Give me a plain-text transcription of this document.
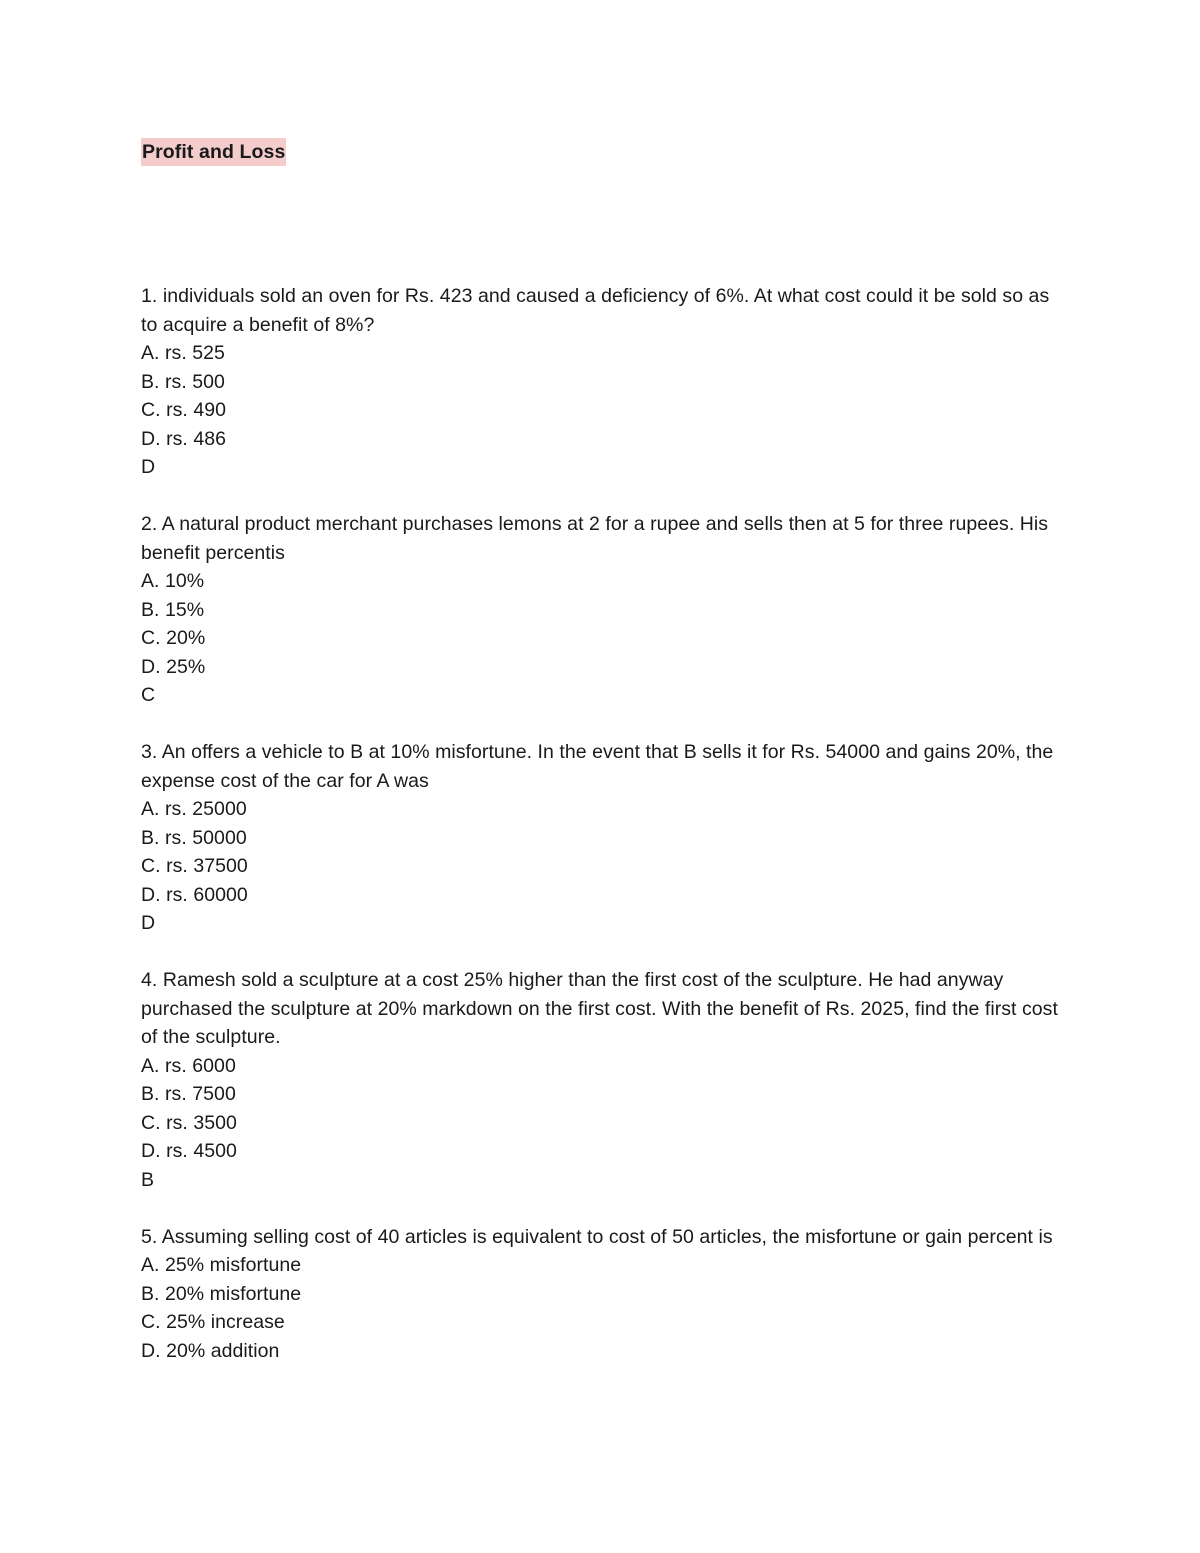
Profit and Loss
1. individuals sold an oven for Rs. 423 and caused a deficiency of 6%. At what cost could it be sold so as to acquire a benefit of 8%?
A. rs. 525
B. rs. 500
C. rs. 490
D. rs. 486
D
2. A natural product merchant purchases lemons at 2 for a rupee and sells then at 5 for three rupees. His benefit percentis
A. 10%
B. 15%
C. 20%
D. 25%
C
3. An offers a vehicle to B at 10% misfortune. In the event that B sells it for Rs. 54000 and gains 20%, the expense cost of the car for A was
A. rs. 25000
B. rs. 50000
C. rs. 37500
D. rs. 60000
D
4. Ramesh sold a sculpture at a cost 25% higher than the first cost of the sculpture. He had anyway purchased the sculpture at 20% markdown on the first cost. With the benefit of Rs. 2025, find the first cost of the sculpture.
A. rs. 6000
B. rs. 7500
C. rs. 3500
D. rs. 4500
B
5. Assuming selling cost of 40 articles is equivalent to cost of 50 articles, the misfortune or gain percent is
A. 25% misfortune
B. 20% misfortune
C. 25% increase
D. 20% addition
